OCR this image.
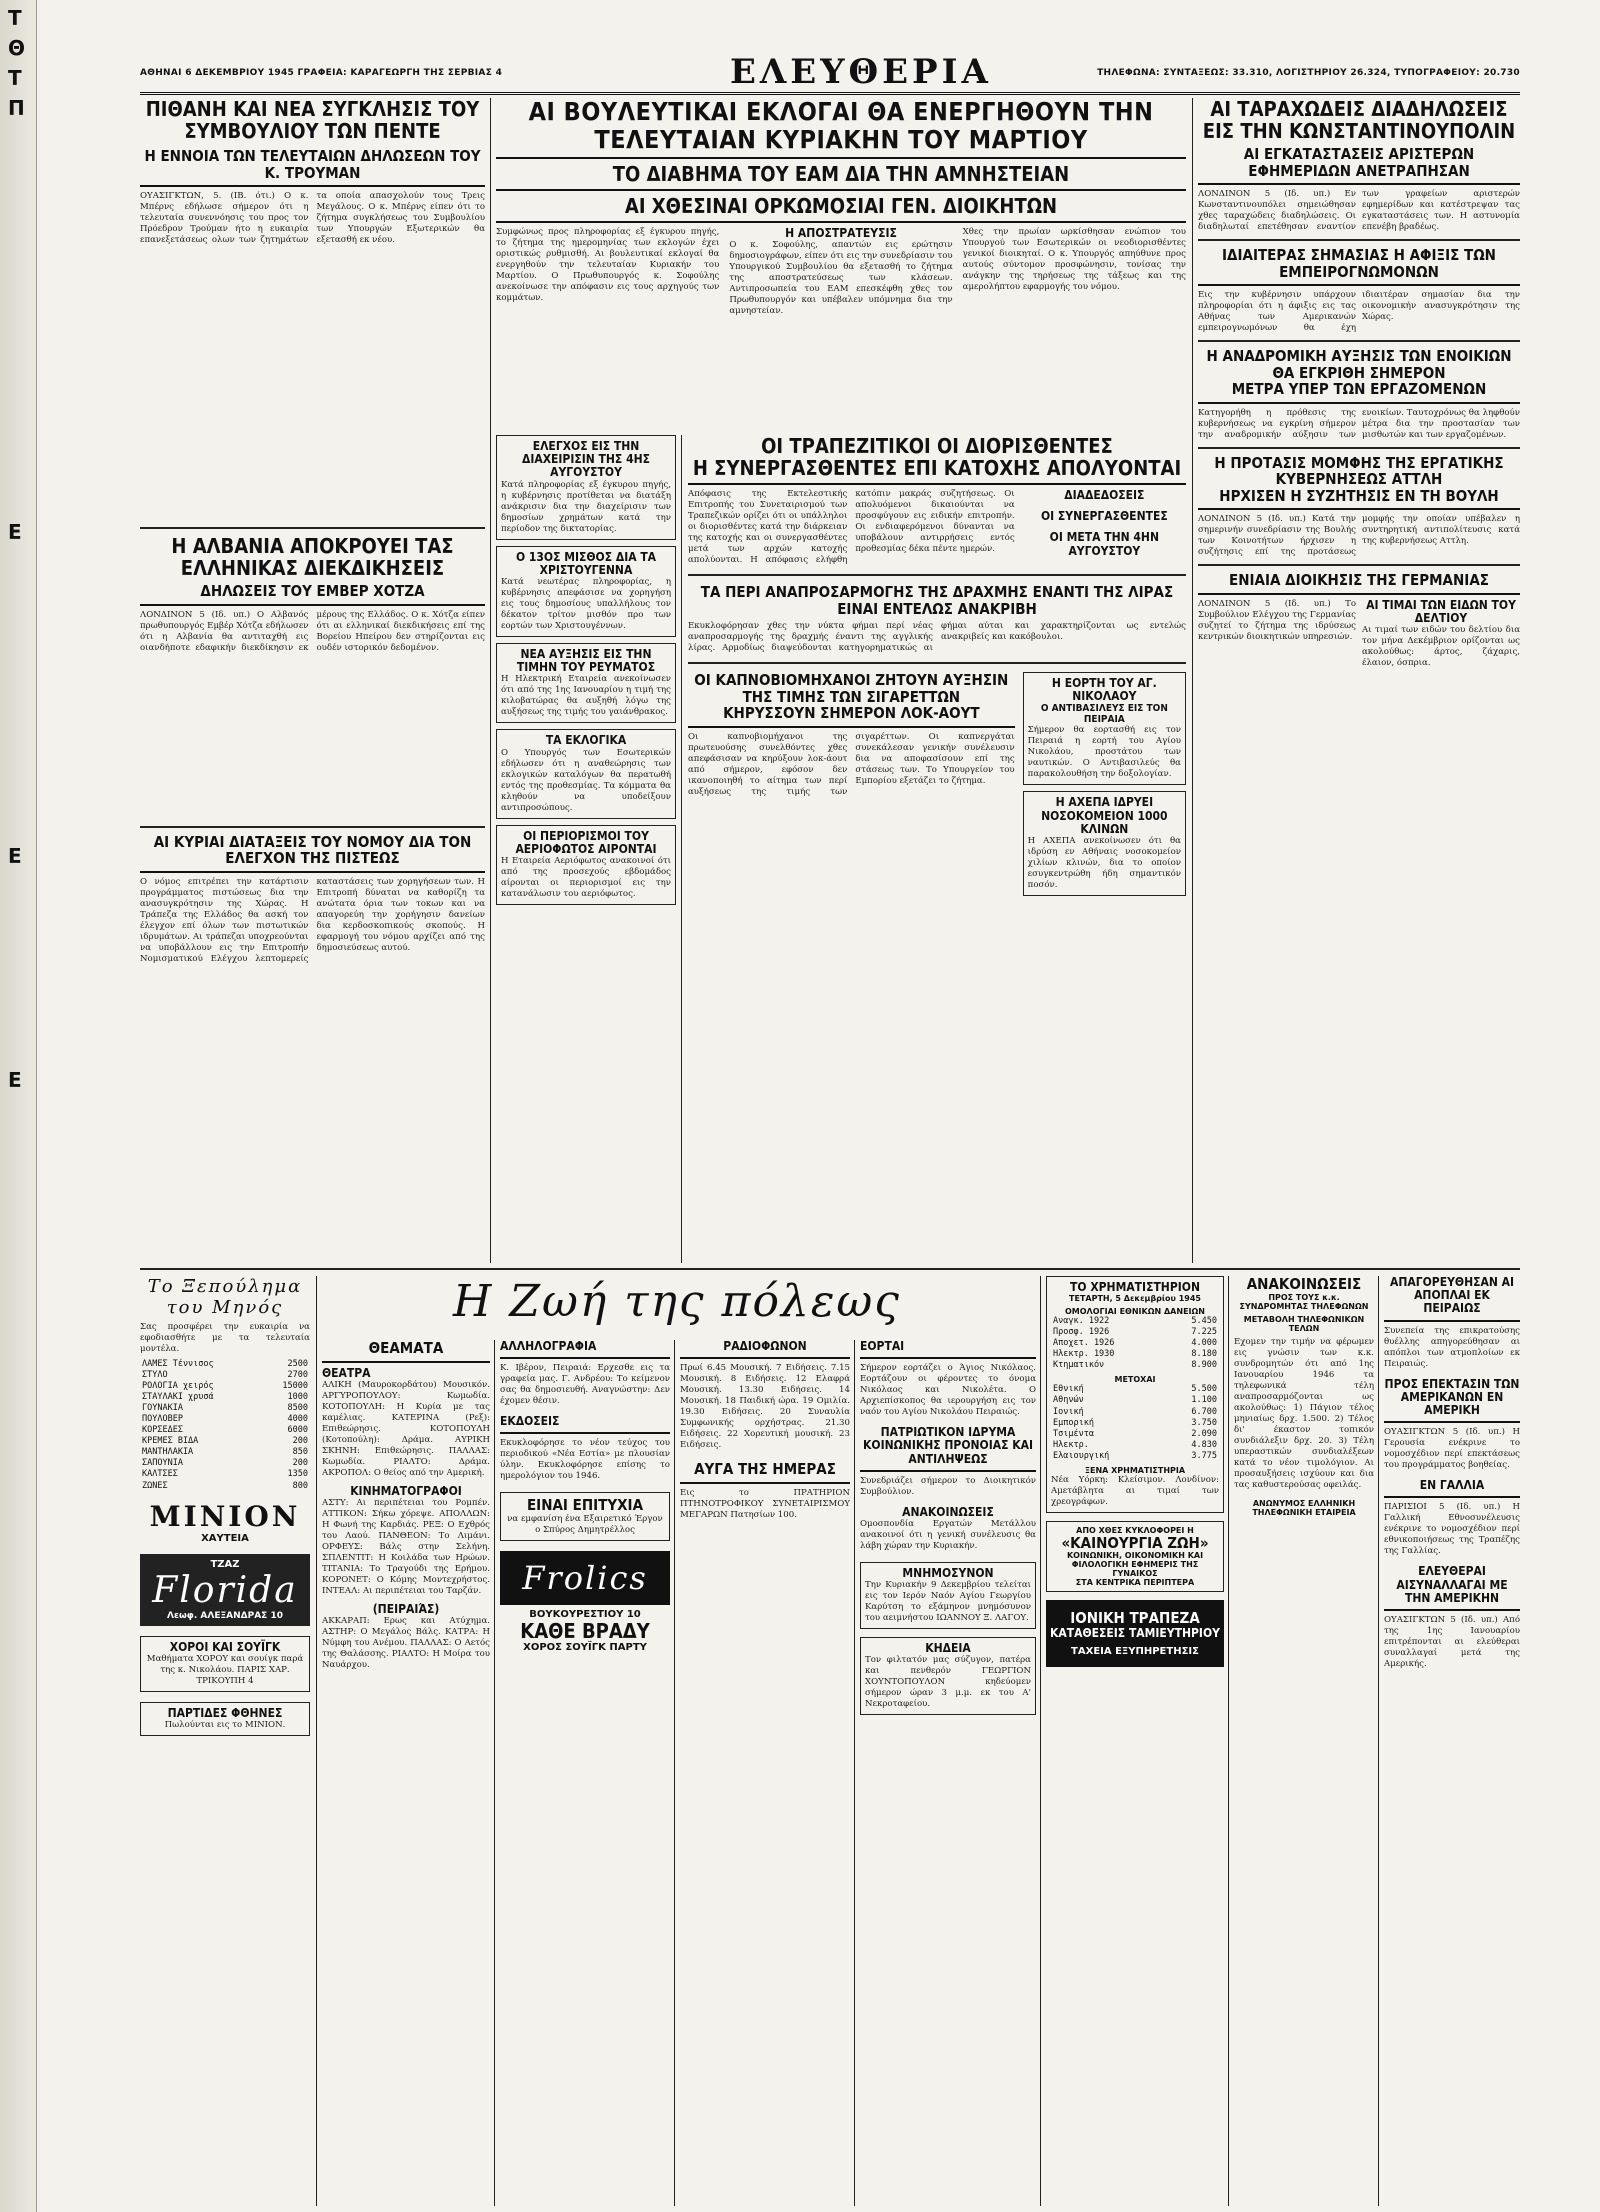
Τ
Θ
Τ
Π
Ε
Ε
Ε
ΑΘΗΝΑΙ 6 ΔΕΚΕΜΒΡΙΟΥ 1945 ΓΡΑΦΕΙΑ: ΚΑΡΑΓΕΩΡΓΗ ΤΗΣ ΣΕΡΒΙΑΣ 4	ΕΛΕΥΘΕΡΙΑ	ΤΗΛΕΦΩΝΑ: ΣΥΝΤΑΞΕΩΣ: 33.310, ΛΟΓΙΣΤΗΡΙΟΥ 26.324, ΤΥΠΟΓΡΑΦΕΙΟΥ: 20.730
ΠΙΘΑΝΗ ΚΑΙ ΝΕΑ ΣΥΓΚΛΗΣΙΣ ΤΟΥ ΣΥΜΒΟΥΛΙΟΥ ΤΩΝ ΠΕΝΤΕ
Η ΕΝΝΟΙΑ ΤΩΝ ΤΕΛΕΥΤΑΙΩΝ ΔΗΛΩΣΕΩΝ ΤΟΥ Κ. ΤΡΟΥΜΑΝ
ΟΥΑΣΙΓΚΤΩΝ, 5. (ΙΒ. ότι.) Ο κ. Μπέρνς εδήλωσε σήμερον ότι η τελευταία συνεννόησις του προς τον Πρόεδρον Τρούμαν ήτο η ευκαιρία επανεξετάσεως ολων των ζητημάτων τα οποία απασχολούν τους Τρεις Μεγάλους. Ο κ. Μπέρνς είπεν ότι το ζήτημα συγκλήσεως του Συμβουλίου των Υπουργών Εξωτερικών θα εξετασθή εκ νέου.
Η ΑΛΒΑΝΙΑ ΑΠΟΚΡΟΥΕΙ ΤΑΣ ΕΛΛΗΝΙΚΑΣ ΔΙΕΚΔΙΚΗΣΕΙΣ
ΔΗΛΩΣΕΙΣ ΤΟΥ ΕΜΒΕΡ ΧΟΤΖΑ
ΛΟΝΔΙΝΟΝ 5 (Ιδ. υπ.) Ο Αλβανός πρωθυπουργός Εμβέρ Χότζα εδήλωσεν ότι η Αλβανία θα αντιταχθή εις οιανδήποτε εδαφικήν διεκδίκησιν εκ μέρους της Ελλάδος. Ο κ. Χότζα είπεν ότι αι ελληνικαί διεκδικήσεις επί της Βορείου Ηπείρου δεν στηρίζονται εις ουδέν ιστορικόν δεδομένον.
ΑΙ ΚΥΡΙΑΙ ΔΙΑΤΑΞΕΙΣ ΤΟΥ ΝΟΜΟΥ ΔΙΑ ΤΟΝ ΕΛΕΓΧΟΝ ΤΗΣ ΠΙΣΤΕΩΣ
Ο νόμος επιτρέπει την κατάρτισιν προγράμματος πιστώσεως δια την ανασυγκρότησιν της Χώρας. Η Τράπεζα της Ελλάδος θα ασκή τον έλεγχον επί όλων των πιστωτικών ιδρυμάτων. Αι τράπεζαι υποχρεούνται να υποβάλλουν εις την Επιτροπήν Νομισματικού Ελέγχου λεπτομερείς καταστάσεις των χορηγήσεων των. Η Επιτροπή δύναται να καθορίζη τα ανώτατα όρια των τοκων και να απαγορεύη την χορήγησιν δανείων δια κερδοσκοπικούς σκοπούς. Η εφαρμογή του νόμου αρχίζει από της δημοσιεύσεως αυτού.
ΑΙ ΒΟΥΛΕΥΤΙΚΑΙ ΕΚΛΟΓΑΙ ΘΑ ΕΝΕΡΓΗΘΟΥΝ ΤΗΝ ΤΕΛΕΥΤΑΙΑΝ ΚΥΡΙΑΚΗΝ ΤΟΥ ΜΑΡΤΙΟΥ
ΤΟ ΔΙΑΒΗΜΑ ΤΟΥ ΕΑΜ ΔΙΑ ΤΗΝ ΑΜΝΗΣΤΕΙΑΝ
ΑΙ ΧΘΕΣΙΝΑΙ ΟΡΚΩΜΟΣΙΑΙ ΓΕΝ. ΔΙΟΙΚΗΤΩΝ
Συμφώνως προς πληροφορίας εξ έγκυρου πηγής, το ζήτημα της ημερομηνίας των εκλογών έχει οριστικώς ρυθμισθή. Αι βουλευτικαί εκλογαί θα ενεργηθούν την τελευταίαν Κυριακήν του Μαρτίου. Ο Πρωθυπουργός κ. Σοφούλης ανεκοίνωσε την απόφασιν εις τους αρχηγούς των κομμάτων.
Η ΑΠΟΣΤΡΑΤΕΥΣΙΣ
Ο κ. Σοφούλης, απαντών εις ερώτησιν δημοσιογράφων, είπεν ότι εις την συνεδρίασιν του Υπουργικού Συμβουλίου θα εξετασθή το ζήτημα της αποστρατεύσεως των κλάσεων. Αντιπροσωπεία του ΕΑΜ επεσκέφθη χθες τον Πρωθυπουργόν και υπέβαλεν υπόμνημα δια την αμνηστείαν.
Χθες την πρωίαν ωρκίσθησαν ενώπιον του Υπουργού των Εσωτερικών οι νεοδιορισθέντες γενικοί διοικηταί. Ο κ. Υπουργός απηύθυνε προς αυτούς σύντομον προσφώνησιν, τονίσας την ανάγκην της τηρήσεως της τάξεως και της αμερολήπτου εφαρμογής του νόμου.
ΕΛΕΓΧΟΣ ΕΙΣ ΤΗΝ ΔΙΑΧΕΙΡΙΣΙΝ ΤΗΣ 4ΗΣ ΑΥΓΟΥΣΤΟΥ
Κατά πληροφορίας εξ έγκυρου πηγής, η κυβέρνησις προτίθεται να διατάξη ανάκρισιν δια την διαχείρισιν των δημοσίων χρημάτων κατά την περίοδον της δικτατορίας.
Ο 13ΟΣ ΜΙΣΘΟΣ ΔΙΑ ΤΑ ΧΡΙΣΤΟΥΓΕΝΝΑ
Κατά νεωτέρας πληροφορίας, η κυβέρνησις απεφάσισε να χορηγήση εις τους δημοσίους υπαλλήλους τον δέκατον τρίτον μισθόν προ των εορτών των Χριστουγέννων.
ΝΕΑ ΑΥΞΗΣΙΣ ΕΙΣ ΤΗΝ ΤΙΜΗΝ ΤΟΥ ΡΕΥΜΑΤΟΣ
Η Ηλεκτρική Εταιρεία ανεκοίνωσεν ότι από της 1ης Ιανουαρίου η τιμή της κιλοβατώρας θα αυξηθή λόγω της αυξήσεως της τιμής του γαιάνθρακος.
ΤΑ ΕΚΛΟΓΙΚΑ
Ο Υπουργός των Εσωτερικών εδήλωσεν ότι η αναθεώρησις των εκλογικών καταλόγων θα περατωθή εντός της προθεσμίας. Τα κόμματα θα κληθούν να υποδείξουν αντιπροσώπους.
ΟΙ ΠΕΡΙΟΡΙΣΜΟΙ ΤΟΥ ΑΕΡΙΟΦΩΤΟΣ ΑΙΡΟΝΤΑΙ
Η Εταιρεία Αεριόφωτος ανακοινοί ότι από της προσεχούς εβδομάδος αίρονται οι περιορισμοί εις την κατανάλωσιν του αεριόφωτος.
ΟΙ ΤΡΑΠΕΖΙΤΙΚΟΙ ΟΙ ΔΙΟΡΙΣΘΕΝΤΕΣ
Η ΣΥΝΕΡΓΑΣΘΕΝΤΕΣ ΕΠΙ ΚΑΤΟΧΗΣ ΑΠΟΛΥΟΝΤΑΙ
Απόφασις της Εκτελεστικής Επιτροπής του Συνεταιρισμού των Τραπεζικών ορίζει ότι οι υπάλληλοι οι διορισθέντες κατά την διάρκειαν της κατοχής και οι συνεργασθέντες μετά των αρχών κατοχής απολύονται. Η απόφασις ελήφθη κατόπιν μακράς συζητήσεως. Οι απολυόμενοι δικαιούνται να προσφύγουν εις ειδικήν επιτροπήν. Οι ενδιαφερόμενοι δύνανται να υποβάλουν αντιρρήσεις εντός προθεσμίας δέκα πέντε ημερών.
ΔΙΑΔΕΔΟΣΕΙΣ
ΟΙ ΣΥΝΕΡΓΑΣΘΕΝΤΕΣ
ΟΙ ΜΕΤΑ ΤΗΝ 4ΗΝ ΑΥΓΟΥΣΤΟΥ
ΤΑ ΠΕΡΙ ΑΝΑΠΡΟΣΑΡΜΟΓΗΣ ΤΗΣ ΔΡΑΧΜΗΣ ΕΝΑΝΤΙ ΤΗΣ ΛΙΡΑΣ ΕΙΝΑΙ ΕΝΤΕΛΩΣ ΑΝΑΚΡΙΒΗ
Εκυκλοφόρησαν χθες την νύκτα φήμαι περί νέας αναπροσαρμογής της δραχμής έναντι της αγγλικής λίρας. Αρμοδίως διαψεύδονται κατηγορηματικώς αι φήμαι αύται και χαρακτηρίζονται ως εντελώς ανακριβείς και κακόβουλοι.
ΟΙ ΚΑΠΝΟΒΙΟΜΗΧΑΝΟΙ ΖΗΤΟΥΝ ΑΥΞΗΣΙΝ ΤΗΣ ΤΙΜΗΣ ΤΩΝ ΣΙΓΑΡΕΤΤΩΝ
ΚΗΡΥΣΣΟΥΝ ΣΗΜΕΡΟΝ ΛΟΚ-ΑΟΥΤ
Οι καπνοβιομήχανοι της πρωτευούσης συνελθόντες χθες απεφάσισαν να κηρύξουν λοκ-άουτ από σήμερον, εφόσον δεν ικανοποιηθή το αίτημα των περί αυξήσεως της τιμής των σιγαρέττων. Οι καπνεργάται συνεκάλεσαν γενικήν συνέλευσιν δια να αποφασίσουν επί της στάσεως των. Το Υπουργείον του Εμπορίου εξετάζει το ζήτημα.
Η ΕΟΡΤΗ ΤΟΥ ΑΓ. ΝΙΚΟΛΑΟΥ
Ο ΑΝΤΙΒΑΣΙΛΕΥΣ ΕΙΣ ΤΟΝ ΠΕΙΡΑΙΑ
Σήμερον θα εορτασθή εις τον Πειραιά η εορτή του Αγίου Νικολάου, προστάτου των ναυτικών. Ο Αντιβασιλεύς θα παρακολουθήση την δοξολογίαν.
Η ΑΧΕΠΑ ΙΔΡΥΕΙ ΝΟΣΟΚΟΜΕΙΟΝ 1000 ΚΛΙΝΩΝ
Η ΑΧΕΠΑ ανεκοίνωσεν ότι θα ιδρύση εν Αθήναις νοσοκομείον χιλίων κλινών, δια το οποίον εσυγκεντρώθη ήδη σημαντικόν ποσόν.
ΑΙ ΤΑΡΑΧΩΔΕΙΣ ΔΙΑΔΗΛΩΣΕΙΣ ΕΙΣ ΤΗΝ ΚΩΝΣΤΑΝΤΙΝΟΥΠΟΛΙΝ
ΑΙ ΕΓΚΑΤΑΣΤΑΣΕΙΣ ΑΡΙΣΤΕΡΩΝ ΕΦΗΜΕΡΙΔΩΝ ΑΝΕΤΡΑΠΗΣΑΝ
ΛΟΝΔΙΝΟΝ 5 (Ιδ. υπ.) Εν Κωνσταντινουπόλει σημειώθησαν χθες ταραχώδεις διαδηλώσεις. Οι διαδηλωταί επετέθησαν εναντίον των γραφείων αριστερών εφημερίδων και κατέστρεψαν τας εγκαταστάσεις των. Η αστυνομία επενέβη βραδέως.
ΙΔΙΑΙΤΕΡΑΣ ΣΗΜΑΣΙΑΣ Η ΑΦΙΞΙΣ ΤΩΝ ΕΜΠΕΙΡΟΓΝΩΜΟΝΩΝ
Εις την κυβέρνησιν υπάρχουν πληροφορίαι ότι η άφιξις εις τας Αθήνας των Αμερικανών εμπειρογνωμόνων θα έχη ιδιαιτέραν σημασίαν δια την οικονομικήν ανασυγκρότησιν της Χώρας.
Η ΑΝΑΔΡΟΜΙΚΗ ΑΥΞΗΣΙΣ ΤΩΝ ΕΝΟΙΚΙΩΝ ΘΑ ΕΓΚΡΙΘΗ ΣΗΜΕΡΟΝ
ΜΕΤΡΑ ΥΠΕΡ ΤΩΝ ΕΡΓΑΖΟΜΕΝΩΝ
Κατηγορήθη η πρόθεσις της κυβερνήσεως να εγκρίνη σήμερον την αναδρομικήν αύξησιν των ενοικίων. Ταυτοχρόνως θα ληφθούν μέτρα δια την προστασίαν των μισθωτών και των εργαζομένων.
Η ΠΡΟΤΑΣΙΣ ΜΟΜΦΗΣ ΤΗΣ ΕΡΓΑΤΙΚΗΣ ΚΥΒΕΡΝΗΣΕΩΣ ΑΤΤΛΗ
ΗΡΧΙΣΕΝ Η ΣΥΖΗΤΗΣΙΣ ΕΝ ΤΗ ΒΟΥΛΗ
ΛΟΝΔΙΝΟΝ 5 (Ιδ. υπ.) Κατά την σημερινήν συνεδρίασιν της Βουλής των Κοινοτήτων ήρχισεν η συζήτησις επί της προτάσεως μομφής την οποίαν υπέβαλεν η συντηρητική αντιπολίτευσις κατά της κυβερνήσεως Αττλη.
ΕΝΙΑΙΑ ΔΙΟΙΚΗΣΙΣ ΤΗΣ ΓΕΡΜΑΝΙΑΣ
ΛΟΝΔΙΝΟΝ 5 (Ιδ. υπ.) Το Συμβούλιον Ελέγχου της Γερμανίας συζητεί το ζήτημα της ιδρύσεως κεντρικών διοικητικών υπηρεσιών.
ΑΙ ΤΙΜΑΙ ΤΩΝ ΕΙΔΩΝ ΤΟΥ ΔΕΛΤΙΟΥ
Αι τιμαί των ειδών του δελτίου δια τον μήνα Δεκέμβριον ορίζονται ως ακολούθως: άρτος, ζάχαρις, έλαιον, όσπρια.
Το Ξεπούλημα του Μηνός
Σας προσφέρει την ευκαιρία να εφοδιασθήτε με τα τελευταία μοντέλα.
ΛΑΜΕΣ Τέννισος	2500
ΣΤΥΛΟ	2700
ΡΟΛΟΓΙΑ χειρός	15000
ΣΤΑΥΛΑΚΙ χρυσά	1000
ΓΟΥΝΑΚΙΑ	8500
ΠΟΥΛΟΒΕΡ	4000
ΚΟΡΣΕΔΕΣ	6000
ΚΡΕΜΕΣ ΒΙΔΑ	200
ΜΑΝΤΗΛΑΚΙΑ	850
ΣΑΠΟΥΝΙΑ	200
ΚΑΛΤΣΕΣ	1350
ΖΩΝΕΣ	800
ΜΙΝΙΟΝ
ΧΑΥΤΕΙΑ
ΤΖΑΖ
Florida
Λεωφ. ΑΛΕΞΑΝΔΡΑΣ 10
ΧΟΡΟΙ ΚΑΙ ΣΟΥΪΓΚ
Μαθήματα ΧΟΡΟΥ και σουίγκ παρά της κ. Νικολάου. ΠΑΡΙΣ ΧΑΡ. ΤΡΙΚΟΥΠΗ 4
ΠΑΡΤΙΔΕΣ ΦΘΗΝΕΣ
Πωλούνται εις το ΜΙΝΙΟΝ.
Η Ζωή της πόλεως
ΘΕΑΜΑΤΑ
ΘΕΑΤΡΑ
ΑΛΙΚΗ (Μαυροκορδάτου) Μουσικόν. ΑΡΓΥΡΟΠΟΥΛΟΥ: Κωμωδία. ΚΟΤΟΠΟΥΛΗ: Η Κυρία με τας καμέλιας. ΚΑΤΕΡΙΝΑ (Ρεξ): Επιθεώρησις. ΚΟΤΟΠΟΥΛΗ (Κοτοπούλη): Δράμα. ΑΥΡΙΚΗ ΣΚΗΝΗ: Επιθεώρησις. ΠΑΛΛΑΣ: Κωμωδία. ΡΙΑΛΤΟ: Δράμα. ΑΚΡΟΠΟΛ: Ο θείος από την Αμερική.
ΚΙΝΗΜΑΤΟΓΡΑΦΟΙ
ΑΣΤΥ: Αι περιπέτειαι του Ρομπέν. ΑΤΤΙΚΟΝ: Σήκω χόρεψε. ΑΠΟΛΛΩΝ: Η Φωνή της Καρδιάς. ΡΕΞ: Ο Εχθρός του Λαού. ΠΑΝΘΕΟΝ: Το Λιμάνι. ΟΡΦΕΥΣ: Βάλς στην Σελήνη. ΣΠΛΕΝΤΙΤ: Η Κοιλάδα των Ηρώων. ΤΙΤΑΝΙΑ: Το Τραγούδι της Ερήμου. ΚΟΡΟΝΕΤ: Ο Κόμης Μοντεχρήστος. ΙΝΤΕΑΛ: Αι περιπέτειαι του Ταρζάν.
(ΠΕΙΡΑΙΆΣ)
ΑΚΚΑΡΑΠ: Ερως και Ατύχημα. ΑΣΤΗΡ: Ο Μεγάλος Βάλς. ΚΑΤΡΑ: Η Νύμφη του Ανέμου. ΠΑΛΛΑΣ: Ο Αετός της Θαλάσσης. ΡΙΑΛΤΟ: Η Μοίρα του Ναυάρχου.
ΑΛΛΗΛΟΓΡΑΦΙΑ
Κ. Ιβέρον, Πειραιά: Ερχεσθε εις τα γραφεία μας. Γ. Ανδρέου: Το κείμενον σας θα δημοσιευθή. Αναγνώστην: Δεν έχομεν θέσιν.
ΕΚΔΟΣΕΙΣ
Εκυκλοφόρησε το νέον τεύχος του περιοδικού «Νέα Εστία» με πλουσίαν ύλην. Εκυκλοφόρησε επίσης το ημερολόγιον του 1946.
ΕΙΝΑΙ ΕΠΙΤΥΧΙΑ
να εμφανίση ένα Εξαιρετικό Έργον ο Σπύρος Δημητρέλλος
Frolics
ΒΟΥΚΟΥΡΕΣΤΙΟΥ 10
ΚΑΘΕ ΒΡΑΔΥ
ΧΟΡΟΣ ΣΟΥΪΓΚ ΠΑΡΤΥ
ΡΑΔΙΟΦΩΝΟΝ
Πρωί 6.45 Μουσική. 7 Ειδήσεις. 7.15 Μουσική. 8 Ειδήσεις. 12 Ελαφρά Μουσική. 13.30 Ειδήσεις. 14 Μουσική. 18 Παιδική ώρα. 19 Ομιλία. 19.30 Ειδήσεις. 20 Συναυλία Συμφωνικής ορχήστρας. 21.30 Ειδήσεις. 22 Χορευτική μουσική. 23 Ειδήσεις.
ΑΥΓΑ ΤΗΣ ΗΜΕΡΑΣ
Εις το ΠΡΑΤΗΡΙΟΝ ΠΤΗΝΟΤΡΟΦΙΚΟΥ ΣΥΝΕΤΑΙΡΙΣΜΟΥ ΜΕΓΑΡΩΝ Πατησίων 100.
ΕΟΡΤΑΙ
Σήμερον εορτάζει ο Άγιος Νικόλαος. Εορτάζουν οι φέροντες το όνομα Νικόλαος και Νικολέτα. Ο Αρχιεπίσκοπος θα ιερουργήση εις τον ναόν του Αγίου Νικολάου Πειραιώς.
ΠΑΤΡΙΩΤΙΚΟΝ ΙΔΡΥΜΑ ΚΟΙΝΩΝΙΚΗΣ ΠΡΟΝΟΙΑΣ ΚΑΙ ΑΝΤΙΛΗΨΕΩΣ
Συνεδριάζει σήμερον το Διοικητικόν Συμβούλιον.
ΑΝΑΚΟΙΝΩΣΕΙΣ
Ομοσπονδία Εργατών Μετάλλου ανακοινοί ότι η γενική συνέλευσις θα λάβη χώραν την Κυριακήν.
ΜΝΗΜΟΣΥΝΟΝ
Την Κυριακήν 9 Δεκεμβρίου τελείται εις τον Ιερόν Ναόν Αγίου Γεωργίου Καρύτση το εξάμηνον μνημόσυνον του αειμνήστου ΙΩΑΝΝΟΥ Ξ. ΛΑΓΟΥ.
ΚΗΔΕΙΑ
Τον φιλτατόν μας σύζυγον, πατέρα και πενθερόν ΓΕΩΡΓΙΟΝ ΧΟΥΝΤΟΠΟΥΛΟΝ κηδεύομεν σήμερον ώραν 3 μ.μ. εκ του Α' Νεκροταφείου.
ΤΟ ΧΡΗΜΑΤΙΣΤΗΡΙΟΝ
ΤΕΤΑΡΤΗ, 5 Δεκεμβρίου 1945
ΟΜΟΛΟΓΙΑΙ ΕΘΝΙΚΩΝ ΔΑΝΕΙΩΝ
Αναγκ. 1922	5.450
Προσφ. 1926	7.225
Αποχετ. 1926	4.000
Ηλεκτρ. 1930	8.180
Κτηματικόν	8.900
ΜΕΤΟΧΑΙ
Εθνική	5.500
Αθηνών	1.100
Ιονική	6.700
Εμπορική	3.750
Τσιμέντα	2.090
Ηλεκτρ.	4.830
Ελαιουργική	3.775
ΞΕΝΑ ΧΡΗΜΑΤΙΣΤΗΡΙΑ
Νέα Υόρκη: Κλείσιμον. Λονδίνον: Αμετάβλητα αι τιμαί των χρεογράφων.
ΑΠΟ ΧΘΕΣ ΚΥΚΛΟΦΟΡΕΙ Η
«ΚΑΙΝΟΥΡΓΙΑ ΖΩΗ»
ΚΟΙΝΩΝΙΚΗ, ΟΙΚΟΝΟΜΙΚΗ ΚΑΙ ΦΙΛΟΛΟΓΙΚΗ ΕΦΗΜΕΡΙΣ ΤΗΣ ΓΥΝΑΙΚΟΣ
ΣΤΑ ΚΕΝΤΡΙΚΑ ΠΕΡΙΠΤΕΡΑ
ΙΟΝΙΚΗ ΤΡΑΠΕΖΑ
ΚΑΤΑΘΕΣΕΙΣ ΤΑΜΙΕΥΤΗΡΙΟΥ
ΤΑΧΕΙΑ ΕΞΥΠΗΡΕΤΗΣΙΣ
ΑΝΑΚΟΙΝΩΣΕΙΣ
ΠΡΟΣ ΤΟΥΣ κ.κ. ΣΥΝΔΡΟΜΗΤΑΣ ΤΗΛΕΦΩΝΩΝ
ΜΕΤΑΒΟΛΗ ΤΗΛΕΦΩΝΙΚΩΝ ΤΕΛΩΝ
Εχομεν την τιμήν να φέρωμεν εις γνώσιν των κ.κ. συνδρομητών ότι από 1ης Ιανουαρίου 1946 τα τηλεφωνικά τέλη αναπροσαρμόζονται ως ακολούθως: 1) Πάγιον τέλος μηνιαίως δρχ. 1.500. 2) Τέλος δι' έκαστον τοπικόν συνδιάλεξιν δρχ. 20. 3) Τέλη υπεραστικών συνδιαλέξεων κατά το νέον τιμολόγιον. Αι προσαυξήσεις ισχύουν και δια τας καθυστερούσας οφειλάς.
ΑΝΩΝΥΜΟΣ ΕΛΛΗΝΙΚΗ ΤΗΛΕΦΩΝΙΚΗ ΕΤΑΙΡΕΙΑ
ΑΠΑΓΟΡΕΥΘΗΣΑΝ ΑΙ ΑΠΟΠΛΑΙ ΕΚ ΠΕΙΡΑΙΩΣ
Συνεπεία της επικρατούσης θυέλλης απηγορεύθησαν αι απόπλοι των ατμοπλοίων εκ Πειραιώς.
ΠΡΟΣ ΕΠΕΚΤΑΣΙΝ ΤΩΝ ΑΜΕΡΙΚΑΝΩΝ ΕΝ ΑΜΕΡΙΚΗ
ΟΥΑΣΙΓΚΤΩΝ 5 (Ιδ. υπ.) Η Γερουσία ενέκρινε το νομοσχέδιον περί επεκτάσεως του προγράμματος βοηθείας.
ΕΝ ΓΑΛΛΙΑ
ΠΑΡΙΣΙΟΙ 5 (Ιδ. υπ.) Η Γαλλική Εθνοσυνέλευσις ενέκρινε το νομοσχέδιον περί εθνικοποιήσεως της Τραπέζης της Γαλλίας.
ΕΛΕΥΘΕΡΑΙ ΑΙΣΥΝΑΛΛΑΓΑΙ ΜΕ ΤΗΝ ΑΜΕΡΙΚΗΝ
ΟΥΑΣΙΓΚΤΩΝ 5 (Ιδ. υπ.) Από της 1ης Ιανουαρίου επιτρέπονται αι ελεύθεραι συναλλαγαί μετά της Αμερικής.
